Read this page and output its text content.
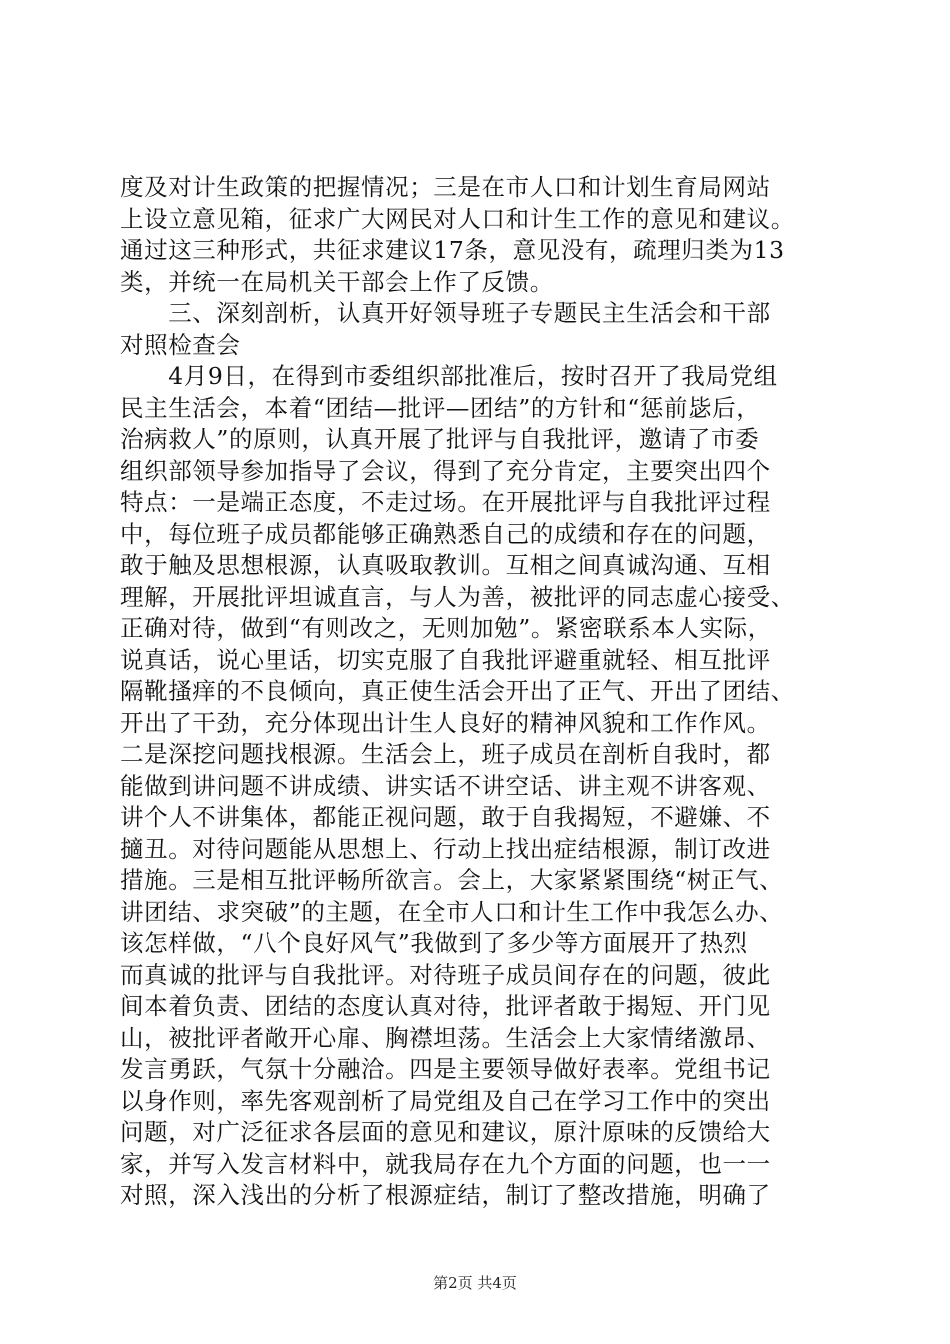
度及对计生政策的把握情况；三是在市人口和计划生育局网站
上设立意见箱，征求广大网民对人口和计生工作的意见和建议。
通过这三种形式，共征求建议17条，意见没有，疏理归类为13
类，并统一在局机关干部会上作了反馈。
　　三、深刻剖析，认真开好领导班子专题民主生活会和干部
对照检查会
　　4月9日，在得到市委组织部批准后，按时召开了我局党组
民主生活会，本着“团结—批评—团结”的方针和“惩前毖后，
治病救人”的原则，认真开展了批评与自我批评，邀请了市委
组织部领导参加指导了会议，得到了充分肯定，主要突出四个
特点：一是端正态度，不走过场。在开展批评与自我批评过程
中，每位班子成员都能够正确熟悉自己的成绩和存在的问题，
敢于触及思想根源，认真吸取教训。互相之间真诚沟通、互相
理解，开展批评坦诚直言，与人为善，被批评的同志虚心接受、
正确对待，做到“有则改之，无则加勉”。紧密联系本人实际，
说真话，说心里话，切实克服了自我批评避重就轻、相互批评
隔靴搔痒的不良倾向，真正使生活会开出了正气、开出了团结、
开出了干劲，充分体现出计生人良好的精神风貌和工作作风。
二是深挖问题找根源。生活会上，班子成员在剖析自我时，都
能做到讲问题不讲成绩、讲实话不讲空话、讲主观不讲客观、
讲个人不讲集体，都能正视问题，敢于自我揭短，不避嫌、不
擿丑。对待问题能从思想上、行动上找出症结根源，制订改进
措施。三是相互批评畅所欲言。会上，大家紧紧围绕“树正气、
讲团结、求突破”的主题，在全市人口和计生工作中我怎么办、
该怎样做，“八个良好风气”我做到了多少等方面展开了热烈
而真诚的批评与自我批评。对待班子成员间存在的问题，彼此
间本着负责、团结的态度认真对待，批评者敢于揭短、开门见
山，被批评者敞开心扉、胸襟坦荡。生活会上大家情绪激昂、
发言勇跃，气氛十分融洽。四是主要领导做好表率。党组书记
以身作则，率先客观剖析了局党组及自己在学习工作中的突出
问题，对广泛征求各层面的意见和建议，原汁原味的反馈给大
家，并写入发言材料中，就我局存在九个方面的问题，也一一
对照，深入浅出的分析了根源症结，制订了整改措施，明确了
第2页 共4页
